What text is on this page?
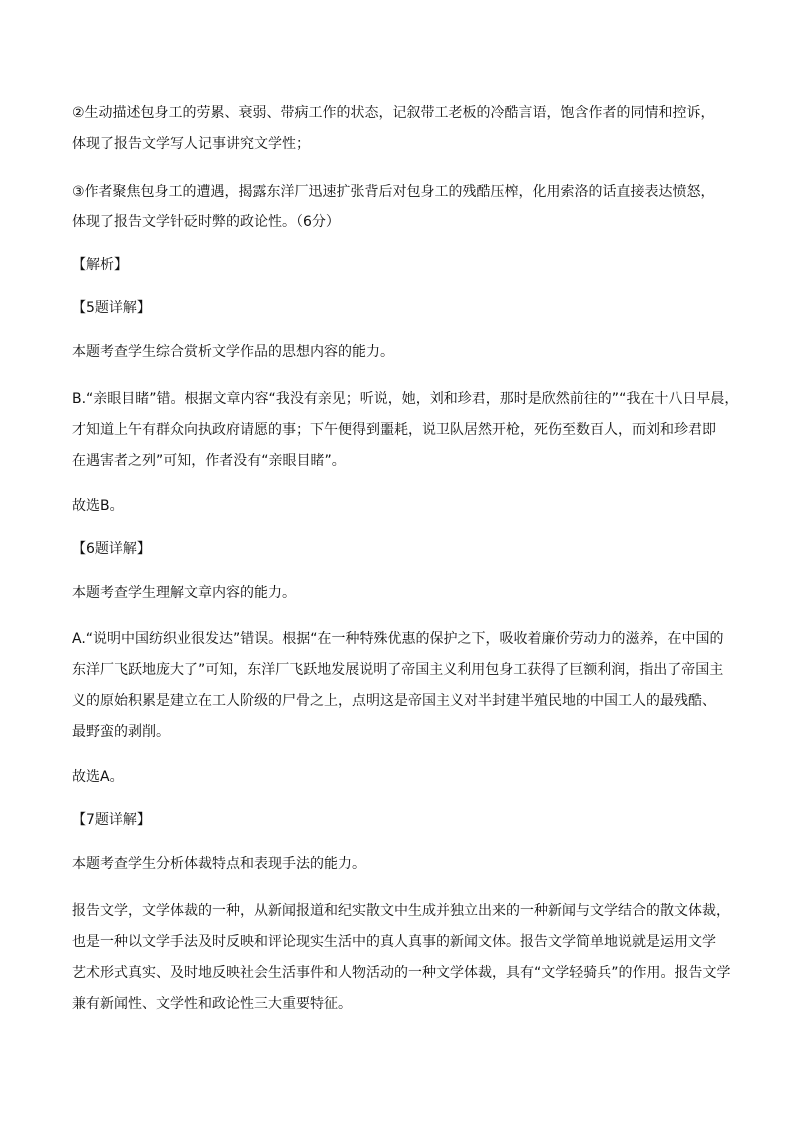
②生动描述包身工的劳累、衰弱、带病工作的状态，记叙带工老板的冷酷言语，饱含作者的同情和控诉，
体现了报告文学写人记事讲究文学性；
③作者聚焦包身工的遭遇，揭露东洋厂迅速扩张背后对包身工的残酷压榨，化用索洛的话直接表达愤怒，
体现了报告文学针砭时弊的政论性。（6分）
【解析】
【5题详解】
本题考查学生综合赏析文学作品的思想内容的能力。
B.“亲眼目睹”错。根据文章内容“我没有亲见；听说，她，刘和珍君，那时是欣然前往的”“我在十八日早晨，
才知道上午有群众向执政府请愿的事；下午便得到噩耗，说卫队居然开枪，死伤至数百人，而刘和珍君即
在遇害者之列”可知，作者没有“亲眼目睹”。
故选B。
【6题详解】
本题考查学生理解文章内容的能力。
A.“说明中国纺织业很发达”错误。根据“在一种特殊优惠的保护之下，吸收着廉价劳动力的滋养，在中国的
东洋厂飞跃地庞大了”可知，东洋厂飞跃地发展说明了帝国主义利用包身工获得了巨额利润，指出了帝国主
义的原始积累是建立在工人阶级的尸骨之上，点明这是帝国主义对半封建半殖民地的中国工人的最残酷、
最野蛮的剥削。
故选A。
【7题详解】
本题考查学生分析体裁特点和表现手法的能力。
报告文学，文学体裁的一种，从新闻报道和纪实散文中生成并独立出来的一种新闻与文学结合的散文体裁，
也是一种以文学手法及时反映和评论现实生活中的真人真事的新闻文体。报告文学简单地说就是运用文学
艺术形式真实、及时地反映社会生活事件和人物活动的一种文学体裁，具有“文学轻骑兵”的作用。报告文学
兼有新闻性、文学性和政论性三大重要特征。
